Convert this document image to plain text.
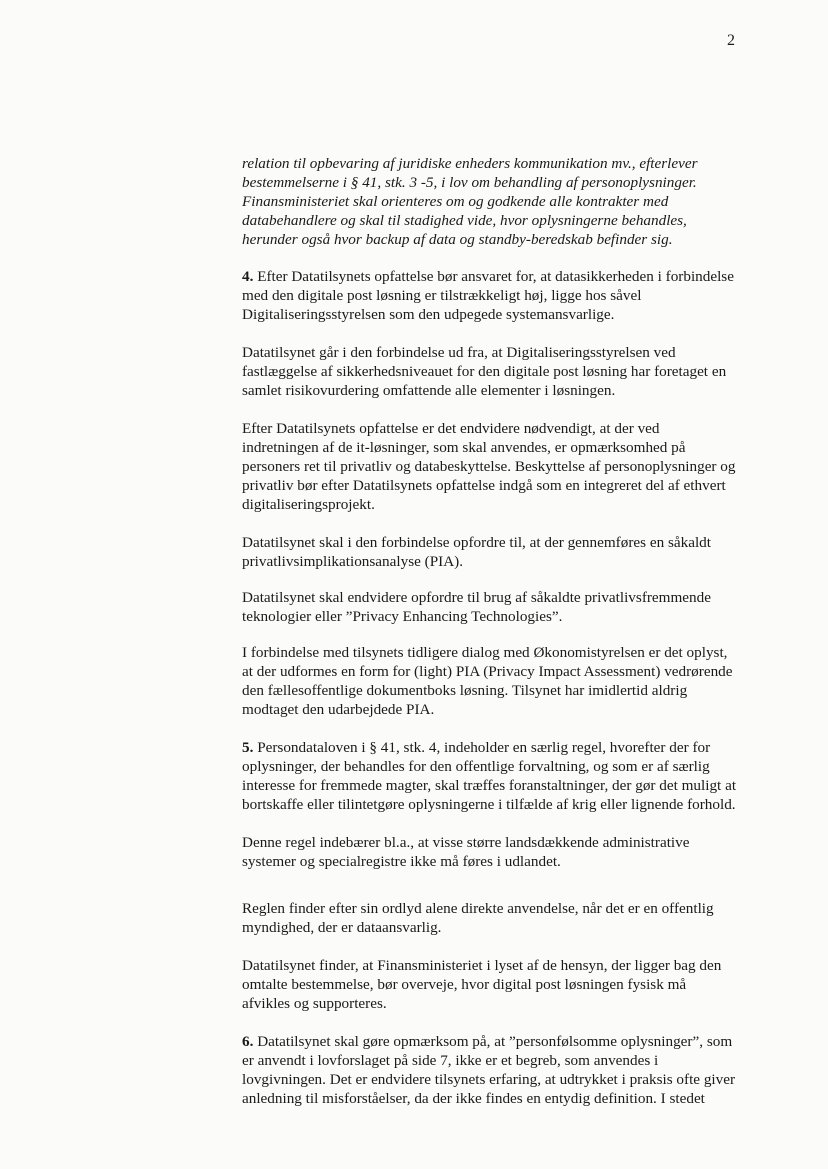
2

relation til opbevaring af juridiske enheders kommunikation mv., efterlever bestemmelserne i § 41, stk. 3 -5, i lov om behandling af personoplysninger. Finansministeriet skal orienteres om og godkende alle kontrakter med databehandlere og skal til stadighed vide, hvor oplysningerne behandles, herunder også hvor backup af data og standby-beredskab befinder sig.

4. Efter Datatilsynets opfattelse bør ansvaret for, at datasikkerheden i forbindelse med den digitale post løsning er tilstrækkeligt høj, ligge hos såvel Digitaliseringsstyrelsen som den udpegede systemansvarlige.

Datatilsynet går i den forbindelse ud fra, at Digitaliseringsstyrelsen ved fastlæggelse af sikkerhedsniveauet for den digitale post løsning har foretaget en samlet risikovurdering omfattende alle elementer i løsningen.

Efter Datatilsynets opfattelse er det endvidere nødvendigt, at der ved indretningen af de it-løsninger, som skal anvendes, er opmærksomhed på personers ret til privatliv og databeskyttelse. Beskyttelse af personoplysninger og privatliv bør efter Datatilsynets opfattelse indgå som en integreret del af ethvert digitaliseringsprojekt.

Datatilsynet skal i den forbindelse opfordre til, at der gennemføres en såkaldt privatlivsimplikationsanalyse (PIA).

Datatilsynet skal endvidere opfordre til brug af såkaldte privatlivsfremmende teknologier eller ”Privacy Enhancing Technologies”.

I forbindelse med tilsynets tidligere dialog med Økonomistyrelsen er det oplyst, at der udformes en form for (light) PIA (Privacy Impact Assessment) vedrørende den fællesoffentlige dokumentboks løsning. Tilsynet har imidlertid aldrig modtaget den udarbejdede PIA.

5. Persondataloven i § 41, stk. 4, indeholder en særlig regel, hvorefter der for oplysninger, der behandles for den offentlige forvaltning, og som er af særlig interesse for fremmede magter, skal træffes foranstaltninger, der gør det muligt at bortskaffe eller tilintetgøre oplysningerne i tilfælde af krig eller lignende forhold.

Denne regel indebærer bl.a., at visse større landsdækkende administrative systemer og specialregistre ikke må føres i udlandet.

Reglen finder efter sin ordlyd alene direkte anvendelse, når det er en offentlig myndighed, der er dataansvarlig.

Datatilsynet finder, at Finansministeriet i lyset af de hensyn, der ligger bag den omtalte bestemmelse, bør overveje, hvor digital post løsningen fysisk må afvikles og supporteres.

6. Datatilsynet skal gøre opmærksom på, at ”personfølsomme oplysninger”, som er anvendt i lovforslaget på side 7, ikke er et begreb, som anvendes i lovgivningen. Det er endvidere tilsynets erfaring, at udtrykket i praksis ofte giver anledning til misforståelser, da der ikke findes en entydig definition. I stedet
